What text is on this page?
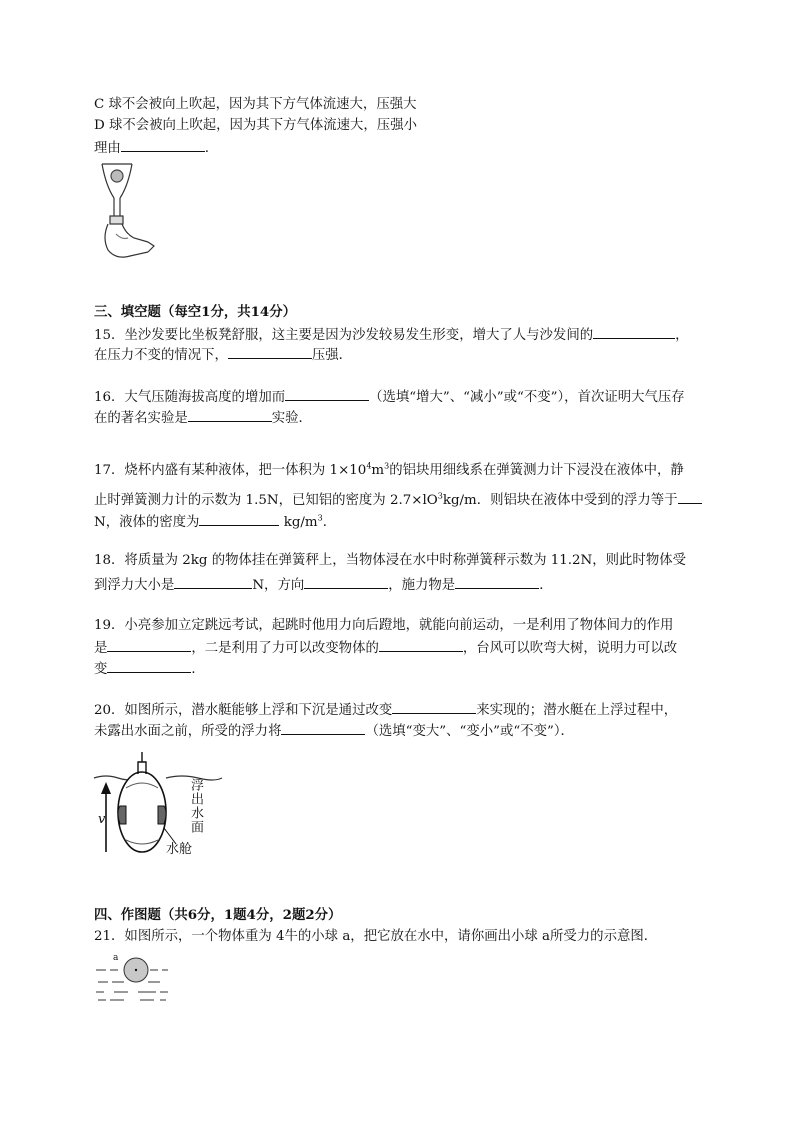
C 球不会被向上吹起，因为其下方气体流速大，压强大
D 球不会被向上吹起，因为其下方气体流速大，压强小
理由	.
三、填空题（每空1分，共14分）
15．坐沙发要比坐板凳舒服，这主要是因为沙发较易发生形变，增大了人与沙发间的	，
在压力不变的情况下，	压强．
16．大气压随海拔高度的增加而	（选填“增大”、“减小”或“不变”），首次证明大气压存
在的著名实验是	实验．
17．烧杯内盛有某种液体，把一体积为 $1\times 10^4m^3$的铝块用细线系在弹簧测力计下浸没在液体中，静
止时弹簧测力计的示数为 1.5N，已知铝的密度为 $2.7\times lO^3kg/m$．则铝块在液体中受到的浮力等于
N，液体的密度为	$kg/m^3$．
18．将质量为 2kg 的物体挂在弹簧秤上，当物体浸在水中时称弹簧秤示数为 11.2N，则此时物体受
到浮力大小是	N，方向	，施力物是	．
19．小亮参加立定跳远考试，起跳时他用力向后蹬地，就能向前运动，一是利用了物体间力的作用
是	，二是利用了力可以改变物体的	，台风可以吹弯大树，说明力可以改
变	．
20．如图所示，潜水艇能够上浮和下沉是通过改变	来实现的；潜水艇在上浮过程中，
未露出水面之前，所受的浮力将	（选填“变大”、“变小”或“不变”）．
v	浮出水面
水舱
四、作图题（共6分，1题4分，2题2分）
21．如图所示，一个物体重为 4牛的小球 a，把它放在水中，请你画出小球 a所受力的示意图．
a
